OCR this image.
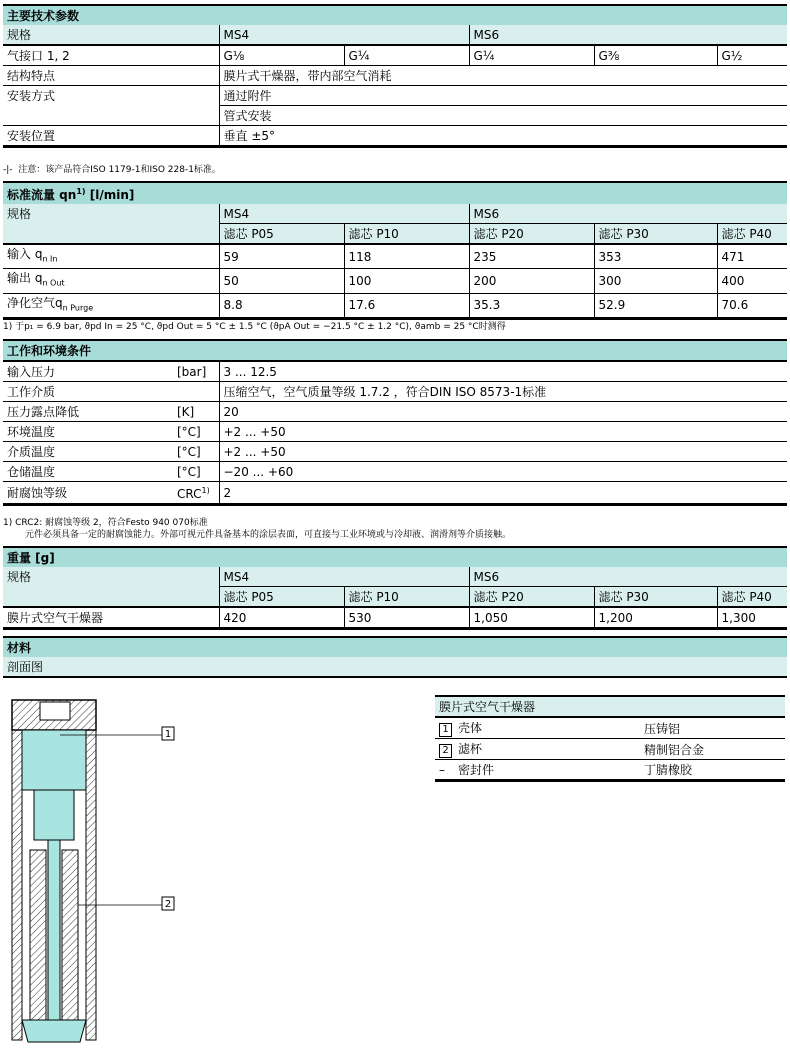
主要技术参数					
规格	MS4		MS6		
气接口 1, 2	G⅛	G¼	G¼	G⅜	G½
结构特点	膜片式干燥器，带内部空气消耗				
安装方式	通过附件				
	管式安装				
安装位置	垂直 ±5°				
-|- 注意：该产品符合ISO 1179-1和ISO 228-1标准。
标准流量 $qn^{1)}$ [l/min]					
规格	MS4		MS6		
	滤芯 P05	滤芯 P10	滤芯 P20	滤芯 P30	滤芯 P40
输入 $q_{n In}$	59	118	235	353	471
输出 $q_{n Out}$	50	100	200	300	400
净化空气$q_{n Purge}$	8.8	17.6	35.3	52.9	70.6
1) 于p₁ = 6.9 bar, ϑpd In = 25 °C, ϑpd Out = 5 °C ± 1.5 °C (ϑpA Out = −21.5 °C ± 1.2 °C), ϑamb = 25 °C时测得
工作和环境条件		
输入压力	[bar]	3 ... 12.5
工作介质		压缩空气，空气质量等级 1.7.2 ，符合DIN ISO 8573-1标准
压力露点降低	[K]	20
环境温度	[°C]	+2 ... +50
介质温度	[°C]	+2 ... +50
仓储温度	[°C]	−20 ... +60
耐腐蚀等级	CRC$^{1)}$	2
1) CRC2: 耐腐蚀等级 2，符合Festo 940 070标准
元件必须具备一定的耐腐蚀能力。外部可视元件具备基本的涂层表面，可直接与工业环境或与冷却液、润滑剂等介质接触。
重量 [g]					
规格	MS4		MS6		
	滤芯 P05	滤芯 P10	滤芯 P20	滤芯 P30	滤芯 P40
膜片式空气干燥器	420	530	1,050	1,200	1,300
材料
剖面图
1
2
膜片式空气干燥器	
1 壳体	压铸铝
2 滤杯	精制铝合金
– 密封件	丁腈橡胶
